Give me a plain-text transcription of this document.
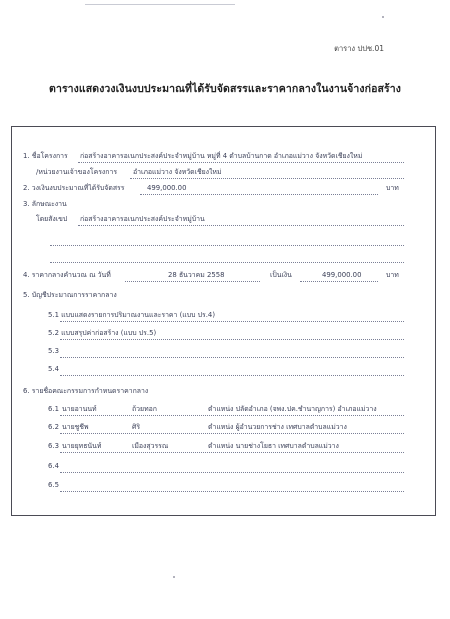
ตาราง ปปช.01
ตารางแสดงวงเงินงบประมาณที่ได้รับจัดสรรและราคากลางในงานจ้างก่อสร้าง
1. ชื่อโครงการ ก่อสร้างอาคารอเนกประสงค์ประจำหมู่บ้าน หมู่ที่ 4 ตำบลบ้านกาด อำเภอแม่วาง จังหวัดเชียงใหม่
/หน่วยงานเจ้าของโครงการ อำเภอแม่วาง จังหวัดเชียงใหม่
2. วงเงินงบประมาณที่ได้รับจัดสรร	499,000.00	บาท
3. ลักษณะงาน
โดยสังเขป ก่อสร้างอาคารอเนกประสงค์ประจำหมู่บ้าน
4. ราคากลางคำนวณ ณ วันที่	28 ธันวาคม 2558	เป็นเงิน	499,000.00	บาท
5. บัญชีประมาณการราคากลาง
5.1 แบบแสดงรายการปริมาณงานและราคา (แบบ ปร.4)
5.2 แบบสรุปค่าก่อสร้าง (แบบ ปร.5)
5.3
5.4
6. รายชื่อคณะกรรมการกำหนดราคากลาง
6.1 นายอานนท์	ถ้วยทอก	ตำแหน่ง ปลัดอำเภอ (จพง.ปค.ชำนาญการ) อำเภอแม่วาง
6.2 นายชูชีพ	ศิริ	ตำแหน่ง ผู้อำนวยการช่าง เทศบาลตำบลแม่วาง
6.3 นายยุทธนันท์	เมืองสุวรรณ	ตำแหน่ง นายช่างโยธา เทศบาลตำบลแม่วาง
6.4
6.5
